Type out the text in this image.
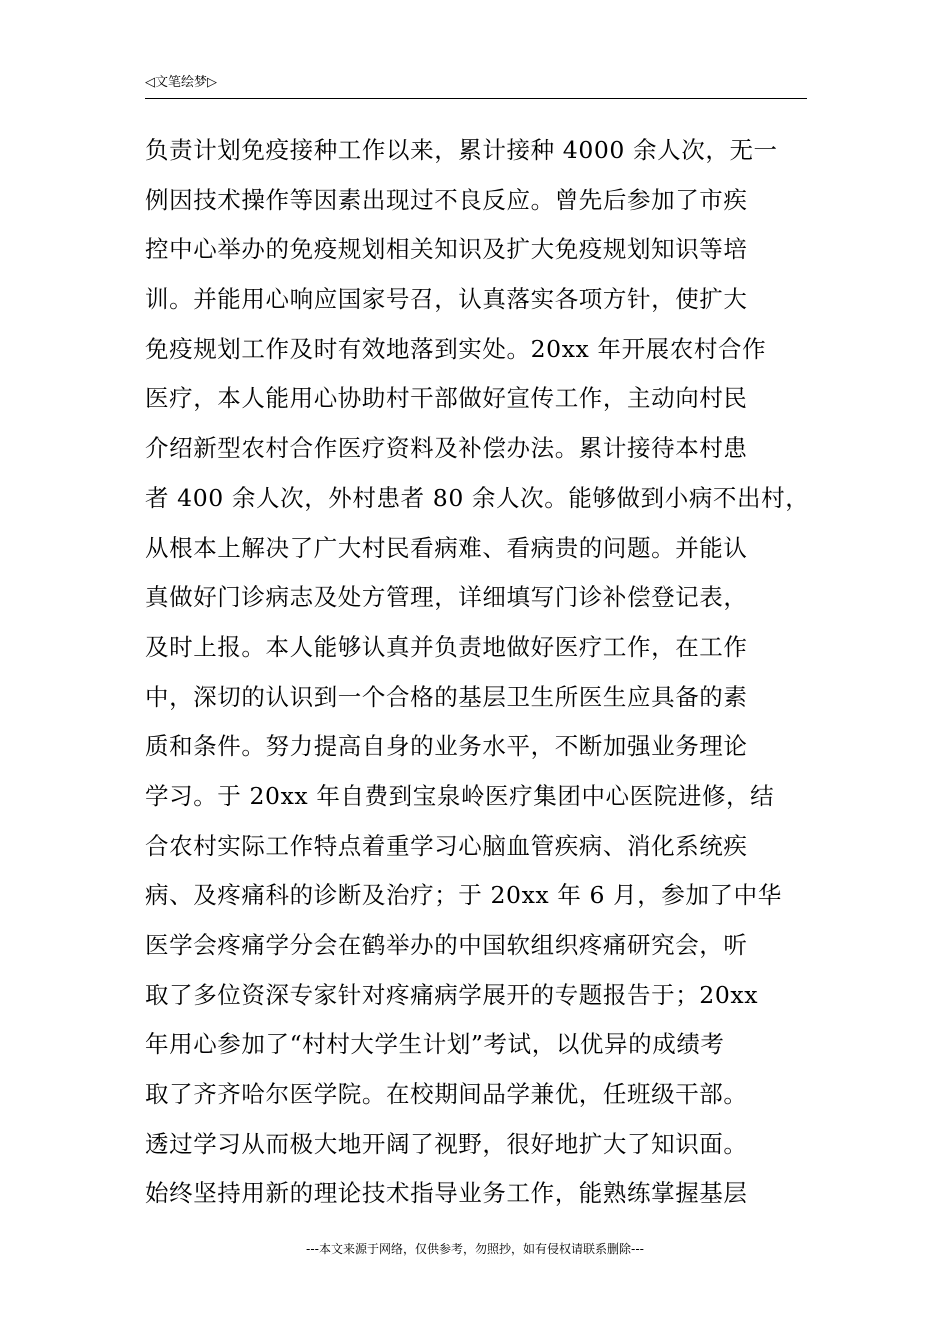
◁文笔绘梦▷
负责计划免疫接种工作以来，累计接种 4000 余人次，无一
例因技术操作等因素出现过不良反应。曾先后参加了市疾
控中心举办的免疫规划相关知识及扩大免疫规划知识等培
训。并能用心响应国家号召，认真落实各项方针，使扩大
免疫规划工作及时有效地落到实处。20xx 年开展农村合作
医疗，本人能用心协助村干部做好宣传工作，主动向村民
介绍新型农村合作医疗资料及补偿办法。累计接待本村患
者 400 余人次，外村患者 80 余人次。能够做到小病不出村，
从根本上解决了广大村民看病难、看病贵的问题。并能认
真做好门诊病志及处方管理，详细填写门诊补偿登记表，
及时上报。本人能够认真并负责地做好医疗工作，在工作
中，深切的认识到一个合格的基层卫生所医生应具备的素
质和条件。努力提高自身的业务水平，不断加强业务理论
学习。于 20xx 年自费到宝泉岭医疗集团中心医院进修，结
合农村实际工作特点着重学习心脑血管疾病、消化系统疾
病、及疼痛科的诊断及治疗；于 20xx 年 6 月，参加了中华
医学会疼痛学分会在鹤举办的中国软组织疼痛研究会，听
取了多位资深专家针对疼痛病学展开的专题报告于；20xx
年用心参加了“村村大学生计划”考试，以优异的成绩考
取了齐齐哈尔医学院。在校期间品学兼优，任班级干部。
透过学习从而极大地开阔了视野，很好地扩大了知识面。
始终坚持用新的理论技术指导业务工作，能熟练掌握基层
---本文来源于网络，仅供参考，勿照抄，如有侵权请联系删除---
